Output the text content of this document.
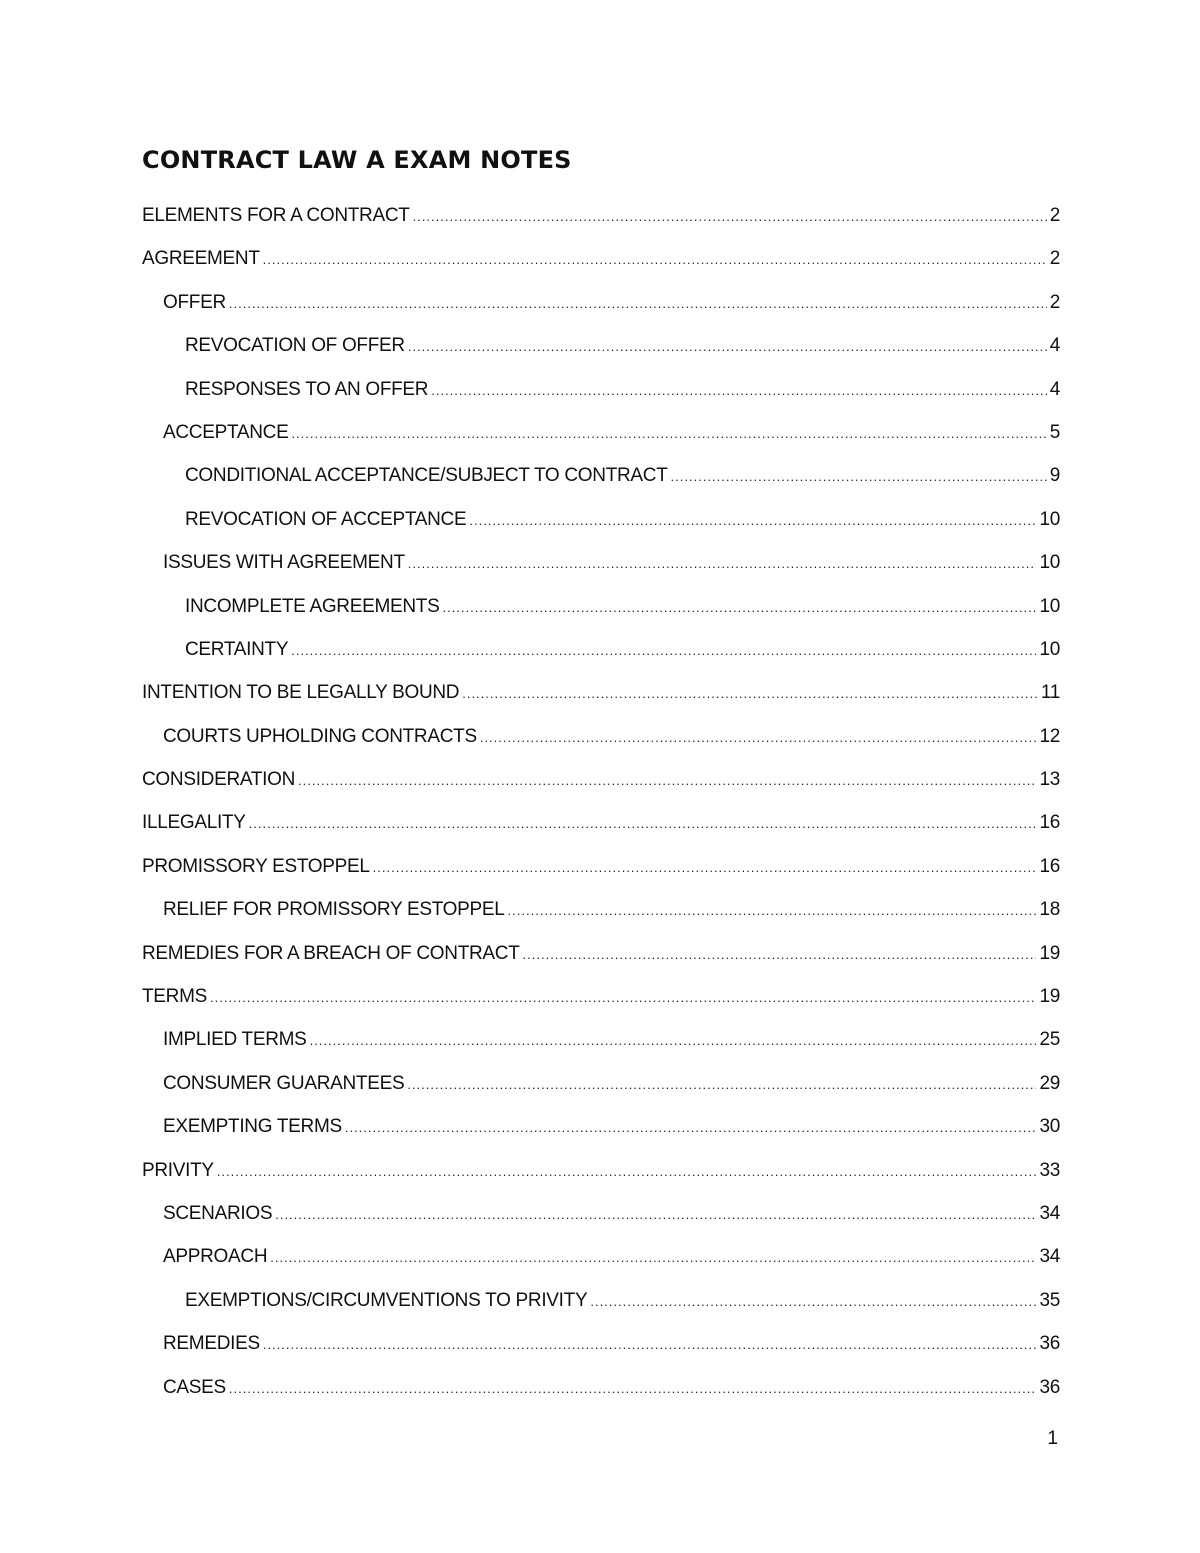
CONTRACT LAW A EXAM NOTES
ELEMENTS FOR A CONTRACT .....	2
AGREEMENT .....	2
OFFER .....	2
REVOCATION OF OFFER .....	4
RESPONSES TO AN OFFER .....	4
ACCEPTANCE .....	5
CONDITIONAL ACCEPTANCE/SUBJECT TO CONTRACT .....	9
REVOCATION OF ACCEPTANCE .....	10
ISSUES WITH AGREEMENT .....	10
INCOMPLETE AGREEMENTS .....	10
CERTAINTY .....	10
INTENTION TO BE LEGALLY BOUND .....	11
COURTS UPHOLDING CONTRACTS .....	12
CONSIDERATION .....	13
ILLEGALITY .....	16
PROMISSORY ESTOPPEL .....	16
RELIEF FOR PROMISSORY ESTOPPEL .....	18
REMEDIES FOR A BREACH OF CONTRACT .....	19
TERMS .....	19
IMPLIED TERMS .....	25
CONSUMER GUARANTEES .....	29
EXEMPTING TERMS .....	30
PRIVITY .....	33
SCENARIOS .....	34
APPROACH .....	34
EXEMPTIONS/CIRCUMVENTIONS TO PRIVITY .....	35
REMEDIES .....	36
CASES .....	36
1
